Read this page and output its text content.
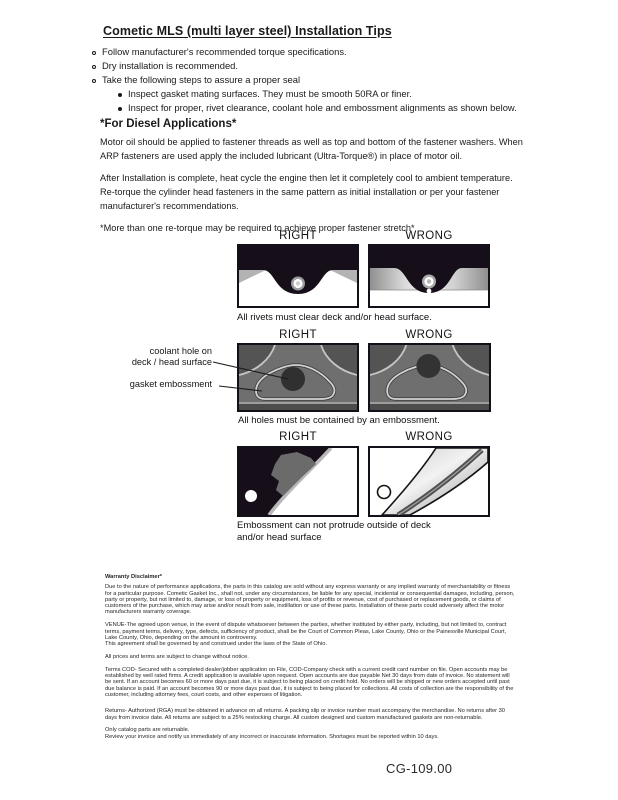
Cometic MLS (multi layer steel) Installation Tips
Follow manufacturer's recommended torque specifications.
Dry installation is recommended.
Take the following steps to assure a proper seal
Inspect gasket mating surfaces. They must be smooth 50RA or finer.
Inspect for proper, rivet clearance, coolant hole and embossment alignments as shown below.
*For Diesel Applications*

Motor oil should be applied to fastener threads as well as top and bottom of the fastener washers. When ARP fasteners are used apply the included lubricant (Ultra-Torque®) in place of motor oil.

After Installation is complete, heat cycle the engine then let it completely cool to ambient temperature. Re-torque the cylinder head fasteners in the same pattern as initial installation or per your fastener manufacturer's recommendations.

*More than one re-torque may be required to achieve proper fastener stretch*

RIGHT	WRONG
All rivets must clear deck and/or head surface.
RIGHT	WRONG
coolant hole on
deck / head surface
gasket embossment
All holes must be contained by an embossment.
RIGHT	WRONG
Embossment can not protrude outside of deck
and/or head surface
Warranty Disclaimer*

Due to the nature of performance applications, the parts in this catalog are sold without any express warranty or any implied warranty of merchantability or fitness for a particular purpose. Cometic Gasket Inc., shall not, under any circumstances, be liable for any special, incidental or consequential damages, including, person, party or property, but not limited to, damage, or loss of property or equipment, loss of profits or revenue, cost of purchased or replacement goods, or claims of customers of the purchase, which may arise and/or result from sale, instillation or use of these parts. Installation of these parts could adversely affect the motor manufacturers warranty coverage.

VENUE-The agreed upon venue, in the event of dispute whatsoever between the parties, whether instituted by either party, including, but not limited to, contract terms, payment terms, delivery, type, defects, sufficiency of product, shall be the Court of Common Pleas, Lake County, Ohio or the Painesville Municipal Court, Lake County, Ohio, depending on the amount in controversy.

This agreement shall be governed by and construed under the laws of the State of Ohio.

All prices and terms are subject to change without notice.

Terms COD- Secured with a completed dealer/jobber application on File, COD-Company check with a current credit card number on file. Open accounts may be established by well rated firms. A credit application is available upon request. Open accounts are due payable Net 30 days from date of invoice. No statement will be sent. If an account becomes 60 or more days past due, it is subject to being placed on credit hold. No orders will be shipped or new orders accepted until past due balance is paid. If an account becomes 90 or more days past due, it is subject to being placed for collections. All costs of collection are the responsibility of the customer, including attorney fees, court costs, and other expenses of litigation.

Returns- Authorized (RGA) must be obtained in advance on all returns. A packing slip or invoice number must accompany the merchandise. No returns after 30 days from invoice date. All returns are subject to a 25% restocking charge. All custom designed and custom manufactured gaskets are non-returnable.

Only catalog parts are returnable.

Review your invoice and notify us immediately of any incorrect or inaccurate information. Shortages must be reported within 10 days.

CG-109.00
